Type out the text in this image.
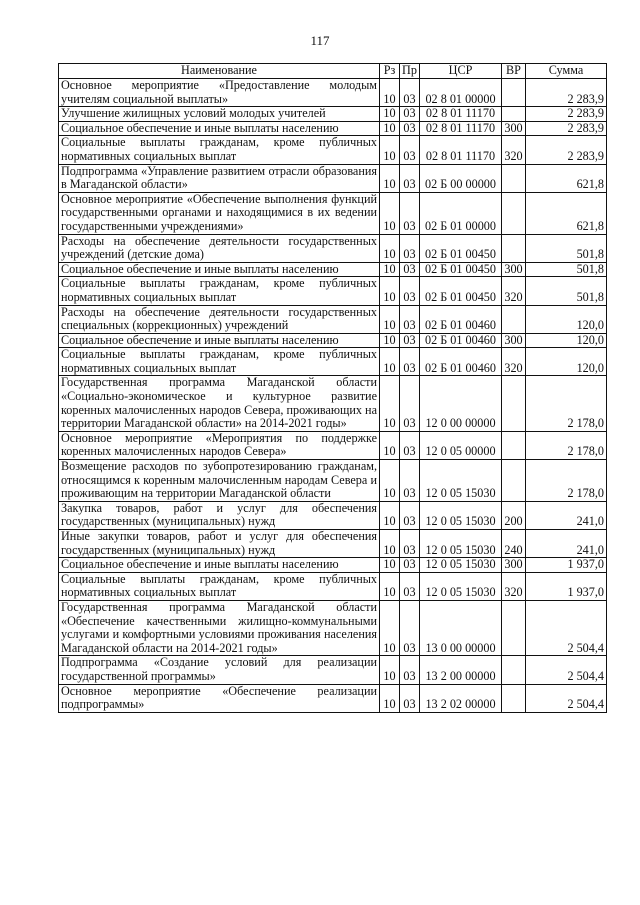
117
Наименование	Рз	Пр	ЦСР	ВР	Сумма
Основное мероприятие «Предоставление молодым учителям социальной выплаты»	10	03	02 8 01 00000		2 283,9
Улучшение жилищных условий молодых учителей	10	03	02 8 01 11170		2 283,9
Социальное обеспечение и иные выплаты населению	10	03	02 8 01 11170	300	2 283,9
Социальные выплаты гражданам, кроме публичных нормативных социальных выплат	10	03	02 8 01 11170	320	2 283,9
Подпрограмма «Управление развитием отрасли образования в Магаданской области»	10	03	02 Б 00 00000		621,8
Основное мероприятие «Обеспечение выполнения функций государственными органами и находящимися в их ведении государственными учреждениями»	10	03	02 Б 01 00000		621,8
Расходы на обеспечение деятельности государственных учреждений (детские дома)	10	03	02 Б 01 00450		501,8
Социальное обеспечение и иные выплаты населению	10	03	02 Б 01 00450	300	501,8
Социальные выплаты гражданам, кроме публичных нормативных социальных выплат	10	03	02 Б 01 00450	320	501,8
Расходы на обеспечение деятельности государственных специальных (коррекционных) учреждений	10	03	02 Б 01 00460		120,0
Социальное обеспечение и иные выплаты населению	10	03	02 Б 01 00460	300	120,0
Социальные выплаты гражданам, кроме публичных нормативных социальных выплат	10	03	02 Б 01 00460	320	120,0
Государственная программа Магаданской области «Социально-экономическое и культурное развитие коренных малочисленных народов Севера, проживающих на территории Магаданской области» на 2014-2021 годы»	10	03	12 0 00 00000		2 178,0
Основное мероприятие «Мероприятия по поддержке коренных малочисленных народов Севера»	10	03	12 0 05 00000		2 178,0
Возмещение расходов по зубопротезированию гражданам, относящимся к коренным малочисленным народам Севера и проживающим на территории Магаданской области	10	03	12 0 05 15030		2 178,0
Закупка товаров, работ и услуг для обеспечения государственных (муниципальных) нужд	10	03	12 0 05 15030	200	241,0
Иные закупки товаров, работ и услуг для обеспечения государственных (муниципальных) нужд	10	03	12 0 05 15030	240	241,0
Социальное обеспечение и иные выплаты населению	10	03	12 0 05 15030	300	1 937,0
Социальные выплаты гражданам, кроме публичных нормативных социальных выплат	10	03	12 0 05 15030	320	1 937,0
Государственная программа Магаданской области «Обеспечение качественными жилищно-коммунальными услугами и комфортными условиями проживания населения Магаданской области на 2014-2021 годы»	10	03	13 0 00 00000		2 504,4
Подпрограмма «Создание условий для реализации государственной программы»	10	03	13 2 00 00000		2 504,4
Основное мероприятие «Обеспечение реализации подпрограммы»	10	03	13 2 02 00000		2 504,4
